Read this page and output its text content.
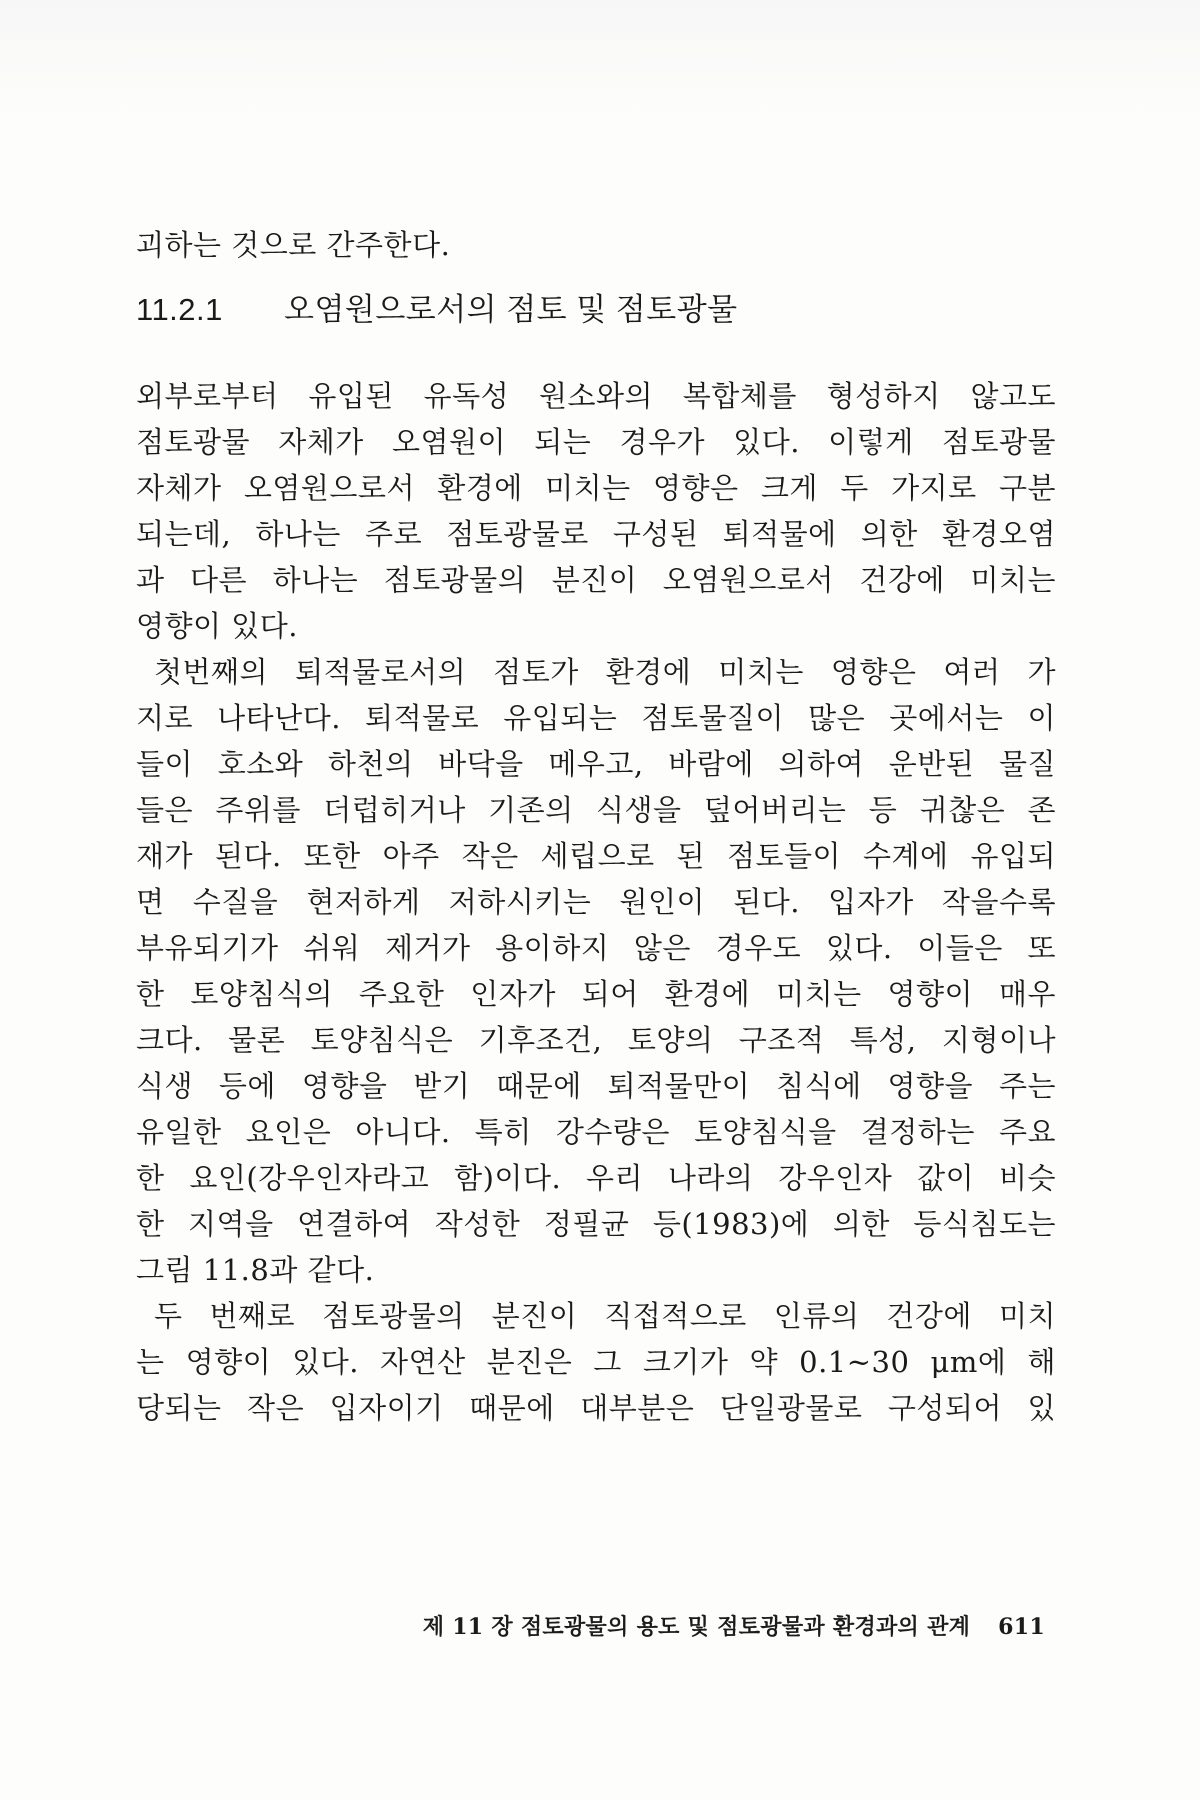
괴하는 것으로 간주한다.
11.2.1 오염원으로서의 점토 및 점토광물
외부로부터 유입된 유독성 원소와의 복합체를 형성하지 않고도
점토광물 자체가 오염원이 되는 경우가 있다. 이렇게 점토광물
자체가 오염원으로서 환경에 미치는 영향은 크게 두 가지로 구분
되는데, 하나는 주로 점토광물로 구성된 퇴적물에 의한 환경오염
과 다른 하나는 점토광물의 분진이 오염원으로서 건강에 미치는
영향이 있다.
첫번째의 퇴적물로서의 점토가 환경에 미치는 영향은 여러 가
지로 나타난다. 퇴적물로 유입되는 점토물질이 많은 곳에서는 이
들이 호소와 하천의 바닥을 메우고, 바람에 의하여 운반된 물질
들은 주위를 더럽히거나 기존의 식생을 덮어버리는 등 귀찮은 존
재가 된다. 또한 아주 작은 세립으로 된 점토들이 수계에 유입되
면 수질을 현저하게 저하시키는 원인이 된다. 입자가 작을수록
부유되기가 쉬워 제거가 용이하지 않은 경우도 있다. 이들은 또
한 토양침식의 주요한 인자가 되어 환경에 미치는 영향이 매우
크다. 물론 토양침식은 기후조건, 토양의 구조적 특성, 지형이나
식생 등에 영향을 받기 때문에 퇴적물만이 침식에 영향을 주는
유일한 요인은 아니다. 특히 강수량은 토양침식을 결정하는 주요
한 요인(강우인자라고 함)이다. 우리 나라의 강우인자 값이 비슷
한 지역을 연결하여 작성한 정필균 등(1983)에 의한 등식침도는
그림 11.8과 같다.
두 번째로 점토광물의 분진이 직접적으로 인류의 건강에 미치
는 영향이 있다. 자연산 분진은 그 크기가 약 0.1~30 μm에 해
당되는 작은 입자이기 때문에 대부분은 단일광물로 구성되어 있
제 11 장 점토광물의 용도 및 점토광물과 환경과의 관계 611
